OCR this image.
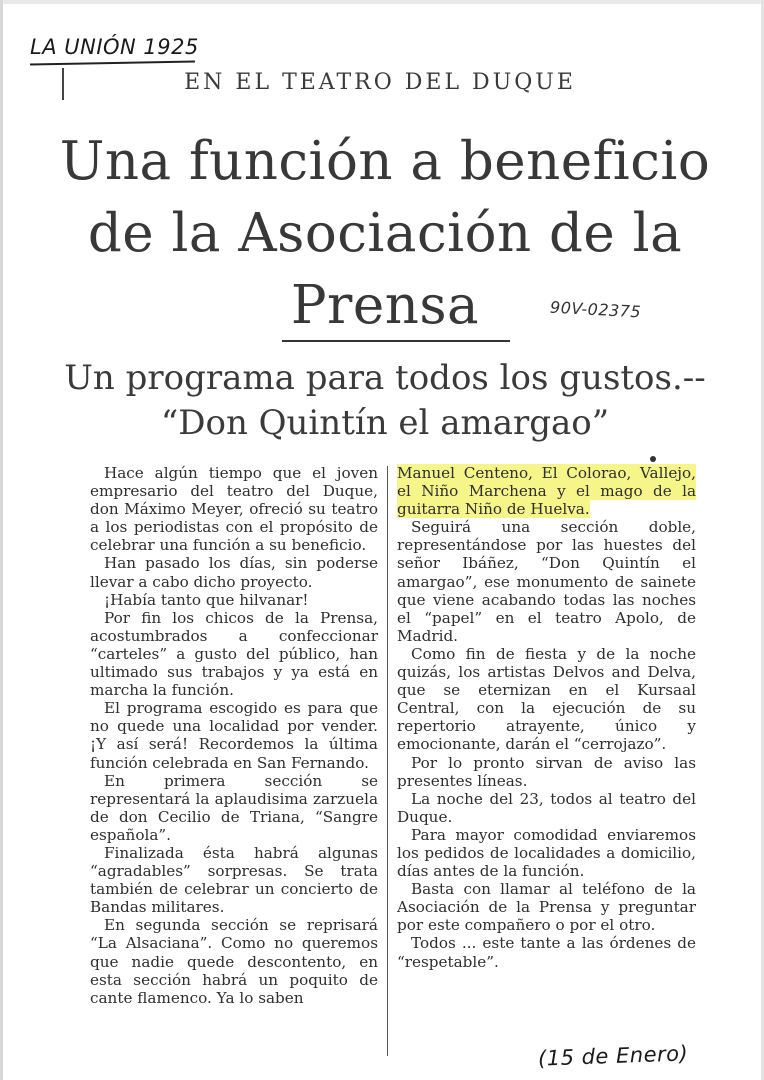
LA UNIÓN 1925
90V-02375
(15 de Enero)
EN EL TEATRO DEL DUQUE
Una función a beneficio de la Asociación de la Prensa
Un programa para todos los gustos.-- “Don Quintín el amargao”

Hace algún tiempo que el joven empresario del teatro del Duque, don Máximo Meyer, ofreció su teatro a los periodistas con el propósito de celebrar una función a su beneficio.

Han pasado los días, sin poderse llevar a cabo dicho proyecto.

¡Había tanto que hilvanar!

Por fin los chicos de la Prensa, acostumbrados a confeccionar “carteles” a gusto del público, han ultimado sus trabajos y ya está en marcha la función.

El programa escogido es para que no quede una localidad por vender. ¡Y así será! Recordemos la última función celebrada en San Fernando.

En primera sección se representará la aplaudisima zarzuela de don Cecilio de Triana, “Sangre española”.

Finalizada ésta habrá algunas “agradables” sorpresas. Se trata también de celebrar un concierto de Bandas militares.

En segunda sección se reprisará “La Alsaciana”. Como no queremos que nadie quede descontento, en esta sección habrá un poquito de cante flamenco. Ya lo saben

Manuel Centeno, El Colorao, Vallejo, el Niño Marchena y el mago de la guitarra Niño de Huelva.

Seguirá una sección doble, representándose por las huestes del señor Ibáñez, “Don Quintín el amargao”, ese monumento de sainete que viene acabando todas las noches el “papel” en el teatro Apolo, de Madrid.

Como fin de fiesta y de la noche quizás, los artistas Delvos and Delva, que se eternizan en el Kursaal Central, con la ejecución de su repertorio atrayente, único y emocionante, darán el “cerrojazo”.

Por lo pronto sirvan de aviso las presentes líneas.

La noche del 23, todos al teatro del Duque.

Para mayor comodidad enviaremos los pedidos de localidades a domicilio, días antes de la función.

Basta con llamar al teléfono de la Asociación de la Prensa y preguntar por este compañero o por el otro.

Todos ... este tante a las órdenes de “respetable”.
